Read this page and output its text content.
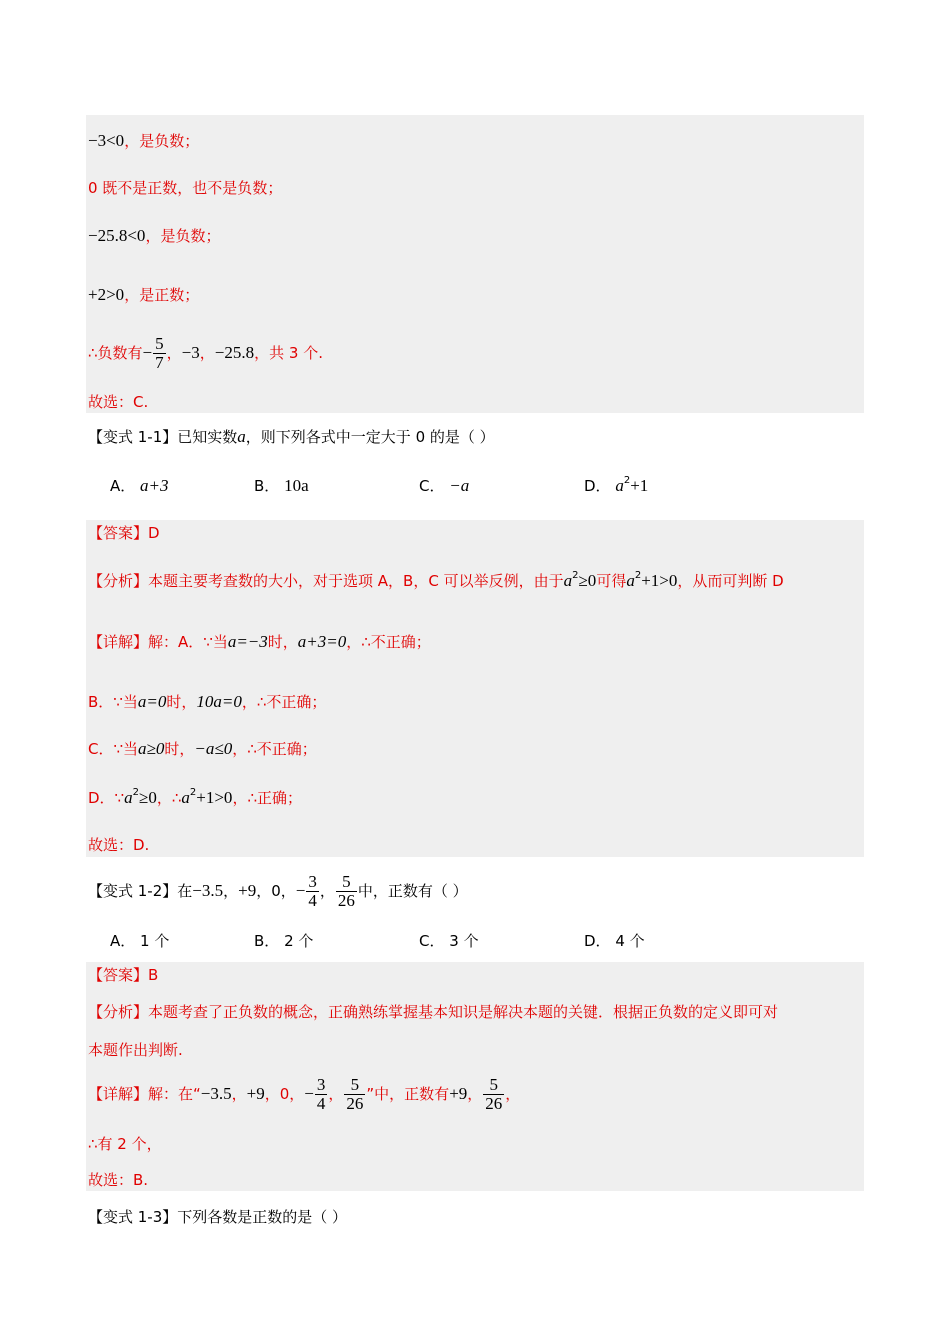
−3<0，是负数；
0 既不是正数，也不是负数；
−25.8<0，是负数；
+2>0，是正数；
∴负数有− $\frac{5}{7}$ ，−3，−25.8，共 3 个.
故选：C.
【变式 1-1】已知实数a，则下列各式中一定大于 0 的是（ ）
A． a+3	B． 10a	C． −a	D． $a^2+1$
【答案】D
【分析】本题主要考查数的大小，对于选项 A，B，C 可以举反例，由于$a^2\ge 0$可得$a^2+1>0$，从而可判断 D
【详解】解：A．∵当a=−3时，a+3=0，∴不正确；
B．∵当a=0时，10a=0，∴不正确；
C．∵当a≥0时，−a≤0，∴不正确；
D．$\because a^2\ge 0$，$\therefore a^2+1>0$，∴正确；
故选：D.
【变式 1-2】在−3.5，+9，0，− $\frac{3}{4}$ ， $\frac{5}{26}$ 中，正数有（ ）
A． 1 个	B． 2 个	C． 3 个	D． 4 个
【答案】B
【分析】本题考查了正负数的概念，正确熟练掌握基本知识是解决本题的关键．根据正负数的定义即可对
本题作出判断.
【详解】解：在“−3.5，+9，0，− $\frac{3}{4}$ ， $\frac{5}{26}$ ”中，正数有+9， $\frac{5}{26}$ ，
∴有 2 个，
故选：B.
【变式 1-3】下列各数是正数的是（ ）
